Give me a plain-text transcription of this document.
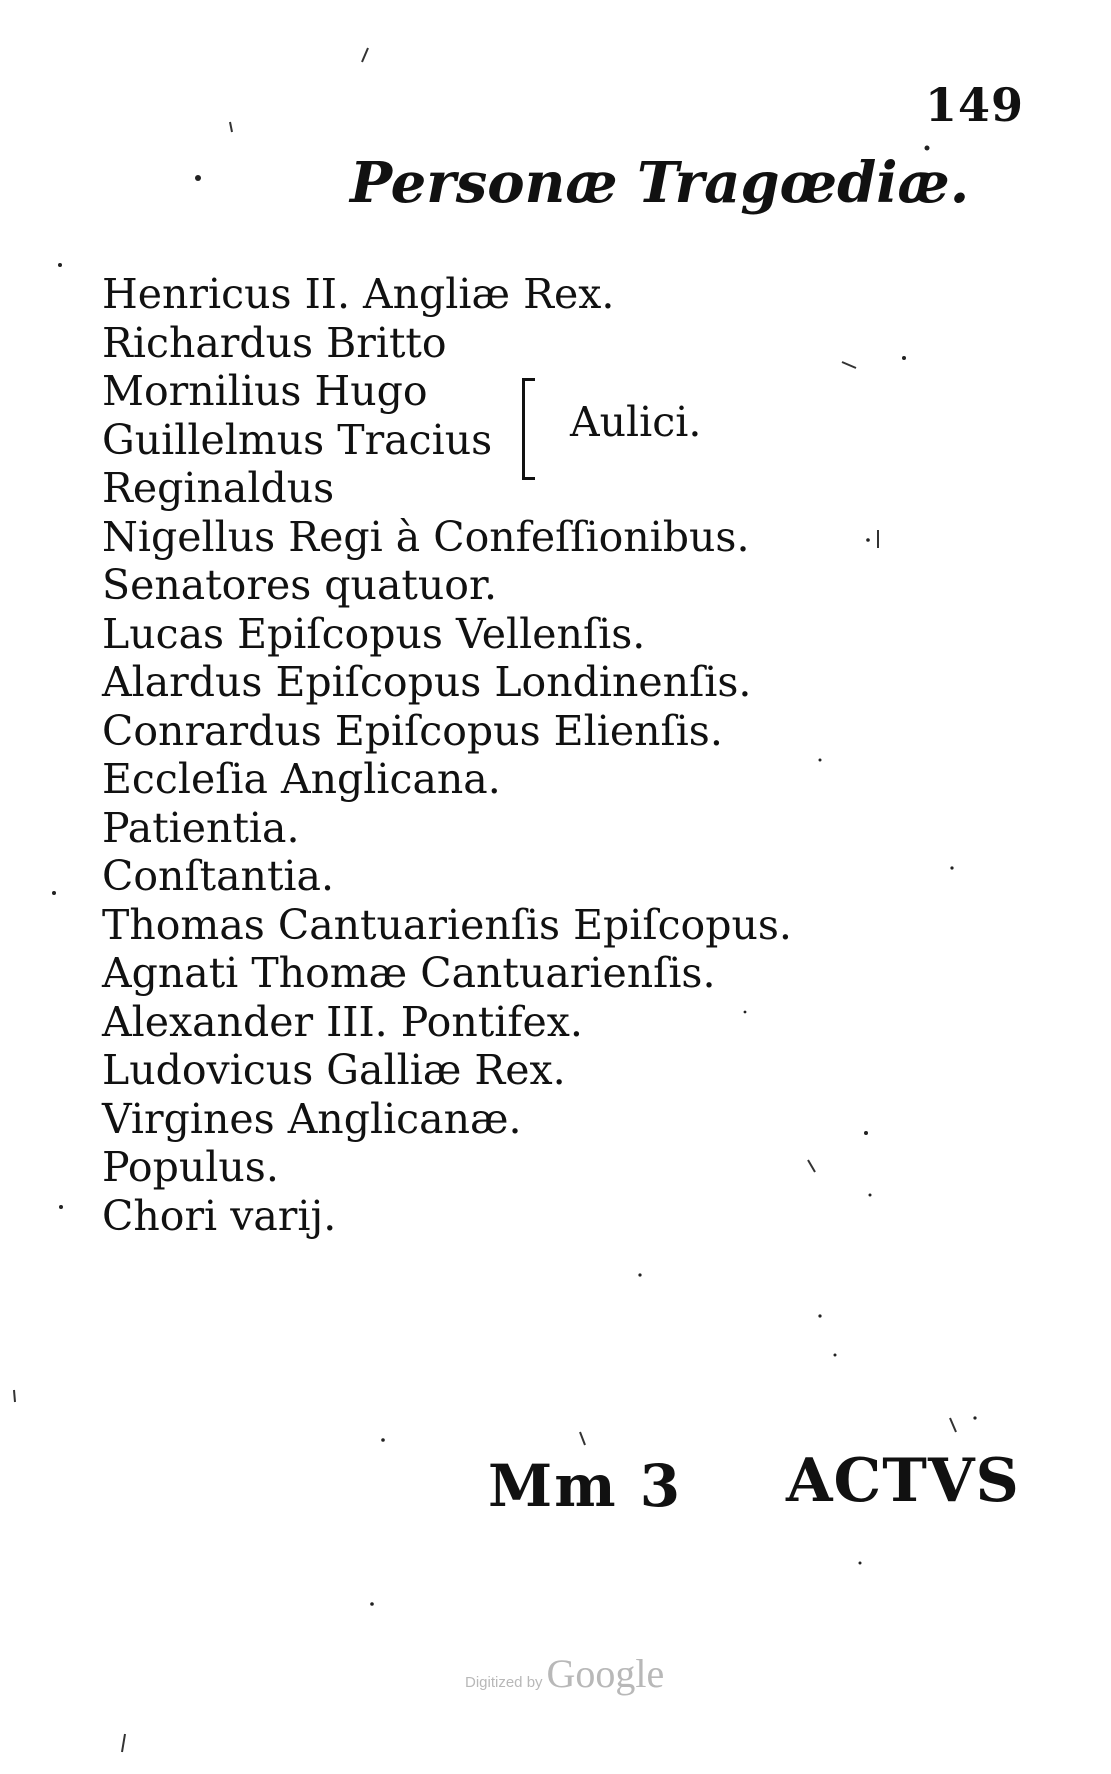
149
Personæ Tragœdiæ.
Henricus II. Angliæ Rex.
Richardus Britto
Mornilius Hugo
Guillelmus Tracius
Reginaldus
Nigellus Regi à Confeſſionibus.
Senatores quatuor.
Lucas Epiſcopus Vellenſis.
Alardus Epiſcopus Londinenſis.
Conrardus Epiſcopus Elienſis.
Eccleſia Anglicana.
Patientia.
Conſtantia.
Thomas Cantuarienſis Epiſcopus.
Agnati Thomæ Cantuarienſis.
Alexander III. Pontifex.
Ludovicus Galliæ Rex.
Virgines Anglicanæ.
Populus.
Chori varij.
Aulici.
Mm 3 ACTVS
Digitized by Google
